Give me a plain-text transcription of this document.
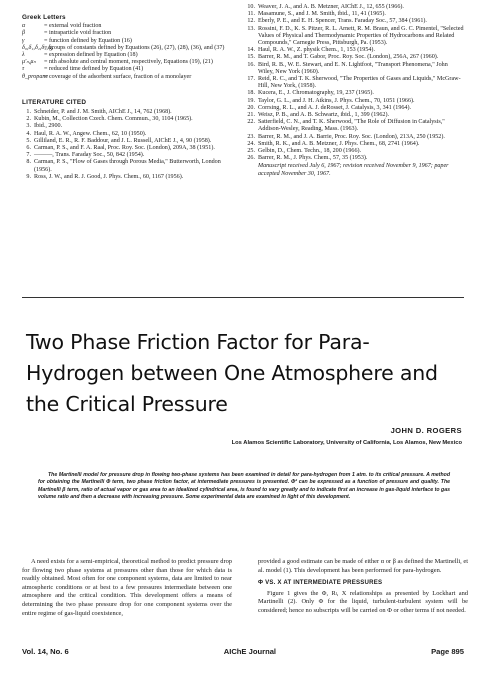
Greek Letters
α	= external void fraction
β	= intraparticle void fraction
γ	= function defined by Equation (16)
δ₀,δ₁,δ₂,δ₃,δ₄
= groups of constants defined by Equations (26), (27), (28), (36), and (37)
λ	= expression defined by Equation (18)
μ'ₙ,μₙ	= nth absolute and central moment, respectively, Equations (19), (21)
τ	= reduced time defined by Equation (41)
θ_propane
= coverage of the adsorbent surface, fraction of a monolayer
LITERATURE CITED
1. Schneider, P. and J. M. Smith, AIChE J., 14, 762 (1968).
2. Kubin, M., Collection Czech. Chem. Commun., 30, 1104 (1965).
3. Ibid., 2900.
4. Haul, R. A. W., Angew. Chem., 62, 10 (1950).
5. Gilliland, E. R., R. F. Baddour, and J. L. Russell, AIChE J., 4, 90 (1958).
6. Carman, P. S., and F. A. Raal, Proc. Roy. Soc. (London), 209A, 38 (1951).
7. ———, Trans. Faraday Soc., 50, 842 (1954).
8. Carman, P. S., "Flow of Gases through Porous Media," Butterworth, London (1956).
9. Ross, J. W., and R. J. Good, J. Phys. Chem., 60, 1167 (1956).
10. Weaver, J. A., and A. B. Metzner, AIChE J., 12, 655 (1966).
11. Masamune, S., and J. M. Smith, ibid., 11, 41 (1965).
12. Eberly, P. E., and E. H. Spencer, Trans. Faraday Soc., 57, 384 (1961).
13. Rossini, F. D., K. S. Pitzer, R. L. Arnett, R. M. Braun, and G. C. Pimentel, "Selected Values of Physical and Thermodynamic Properties of Hydrocarbons and Related Compounds," Carnegie Press, Pittsburgh, Pa. (1953).
14. Haul, R. A. W., Z. physik Chem., 1, 153 (1954).
15. Barrer, R. M., and T. Gabor, Proc. Roy. Soc. (London), 256A, 267 (1960).
16. Bird, R. B., W. E. Stewart, and E. N. Lightfoot, "Transport Phenomena," John Wiley, New York (1960).
17. Reid, R. C., and T. K. Sherwood, "The Properties of Gases and Liquids," McGraw-Hill, New York, (1958).
18. Kucera, E., J. Chromatography, 19, 237 (1965).
19. Taylor, G. L., and J. H. Atkins, J. Phys. Chem., 70, 1051 (1966).
20. Corrsing, R. L., and A. J. deRosset, J. Catalysis, 3, 341 (1964).
21. Weisz, P. B., and A. B. Schwartz, ibid., 1, 399 (1962).
22. Satterfield, C. N., and T. K. Sherwood, "The Role of Diffusion in Catalysis," Addison-Wesley, Reading, Mass. (1963).
23. Barrer, R. M., and J. A. Barrie, Proc. Roy. Soc. (London), 213A, 250 (1952).
24. Smith, R. K., and A. B. Metzner, J. Phys. Chem., 68, 2741 (1964).
25. Gelbin, D., Chem. Techn., 18, 200 (1966).
26. Barrer, R. M., J. Phys. Chem., 57, 35 (1953).
Manuscript received July 6, 1967; revision received November 9, 1967; paper accepted November 30, 1967.
Two Phase Friction Factor for Para-Hydrogen between One Atmosphere and the Critical Pressure
JOHN D. ROGERS
Los Alamos Scientific Laboratory, University of California, Los Alamos, New Mexico
The Martinelli model for pressure drop in flowing two-phase systems has been examined in detail for para-hydrogen from 1 atm. to its critical pressure. A method for obtaining the Martinelli Φ term, two phase friction factor, at intermediate pressures is presented. Φ² can be expressed as a function of pressure and quality. The Martinelli β term, ratio of actual vapor or gas area to an idealized cylindrical area, is found to vary greatly and to indicate first an increase in gas-liquid interface to gas volume ratio and then a decrease with increasing pressure. Some experimental data are examined in light of this development.
A need exists for a semi-empirical, theoretical method to predict pressure drop for flowing two phase systems at pressures other than those for which data is readily obtained. Most often for one component systems, data are limited to near atmospheric conditions or at best to a few pressures intermediate between one atmosphere and the critical condition. This development offers a means of determining the two phase pressure drop for one component systems over the entire regime of gas-liquid coexistence,
provided a good estimate can be made of either α or β as defined the Martinelli, et al. model (1). This development has been performed for para-hydrogen.
Φ VS. X AT INTERMEDIATE PRESSURES
Figure 1 gives the Φ, Rₗ, X relationships as presented by Lockhart and Martinelli (2). Only Φ for the liquid, turbulent-turbulent system will be considered; hence no subscripts will be carried on Φ or other terms if not needed.
Vol. 14, No. 6	AIChE Journal	Page 895
